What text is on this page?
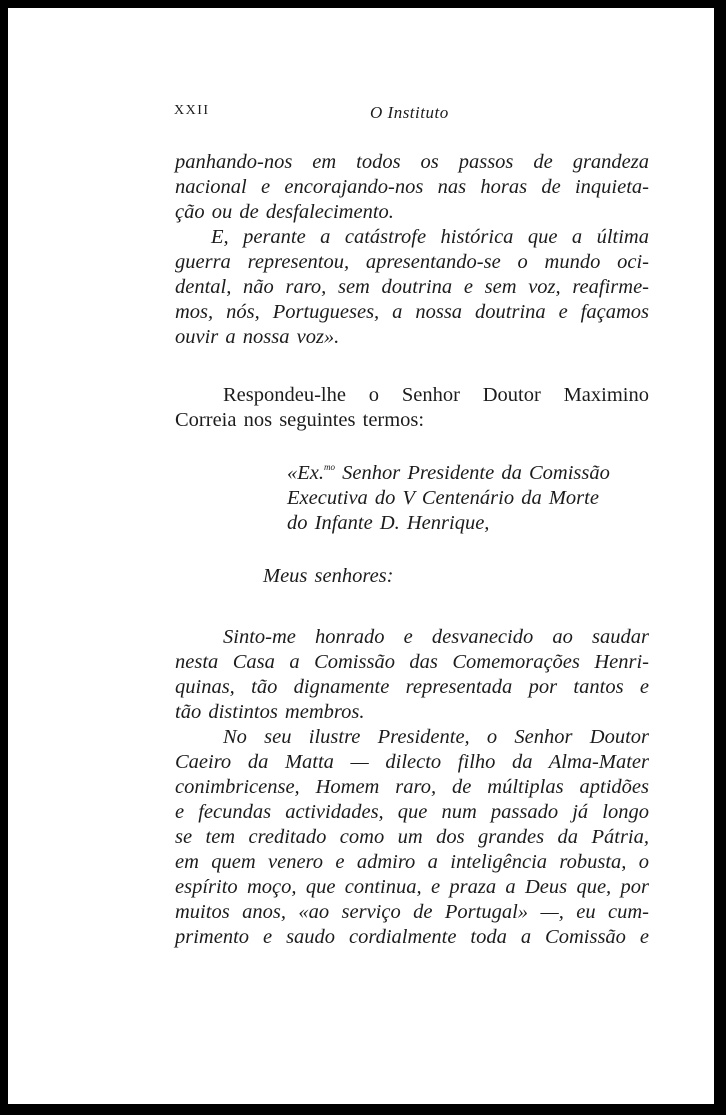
XXII	O Instituto
panhando-nos em todos os passos de grandeza
nacional e encorajando-nos nas horas de inquieta-
ção ou de desfalecimento.
E, perante a catástrofe histórica que a última
guerra representou, apresentando-se o mundo oci-
dental, não raro, sem doutrina e sem voz, reafirme-
mos, nós, Portugueses, a nossa doutrina e façamos
ouvir a nossa voz».
Respondeu-lhe o Senhor Doutor Maximino
Correia nos seguintes termos:
«Ex.$^{mo}$ Senhor Presidente da Comissão
Executiva do V Centenário da Morte
do Infante D. Henrique,
Meus senhores:
Sinto-me honrado e desvanecido ao saudar
nesta Casa a Comissão das Comemorações Henri-
quinas, tão dignamente representada por tantos e
tão distintos membros.
No seu ilustre Presidente, o Senhor Doutor
Caeiro da Matta — dilecto filho da Alma-Mater
conimbricense, Homem raro, de múltiplas aptidões
e fecundas actividades, que num passado já longo
se tem creditado como um dos grandes da Pátria,
em quem venero e admiro a inteligência robusta, o
espírito moço, que continua, e praza a Deus que, por
muitos anos, «ao serviço de Portugal» —, eu cum-
primento e saudo cordialmente toda a Comissão e
